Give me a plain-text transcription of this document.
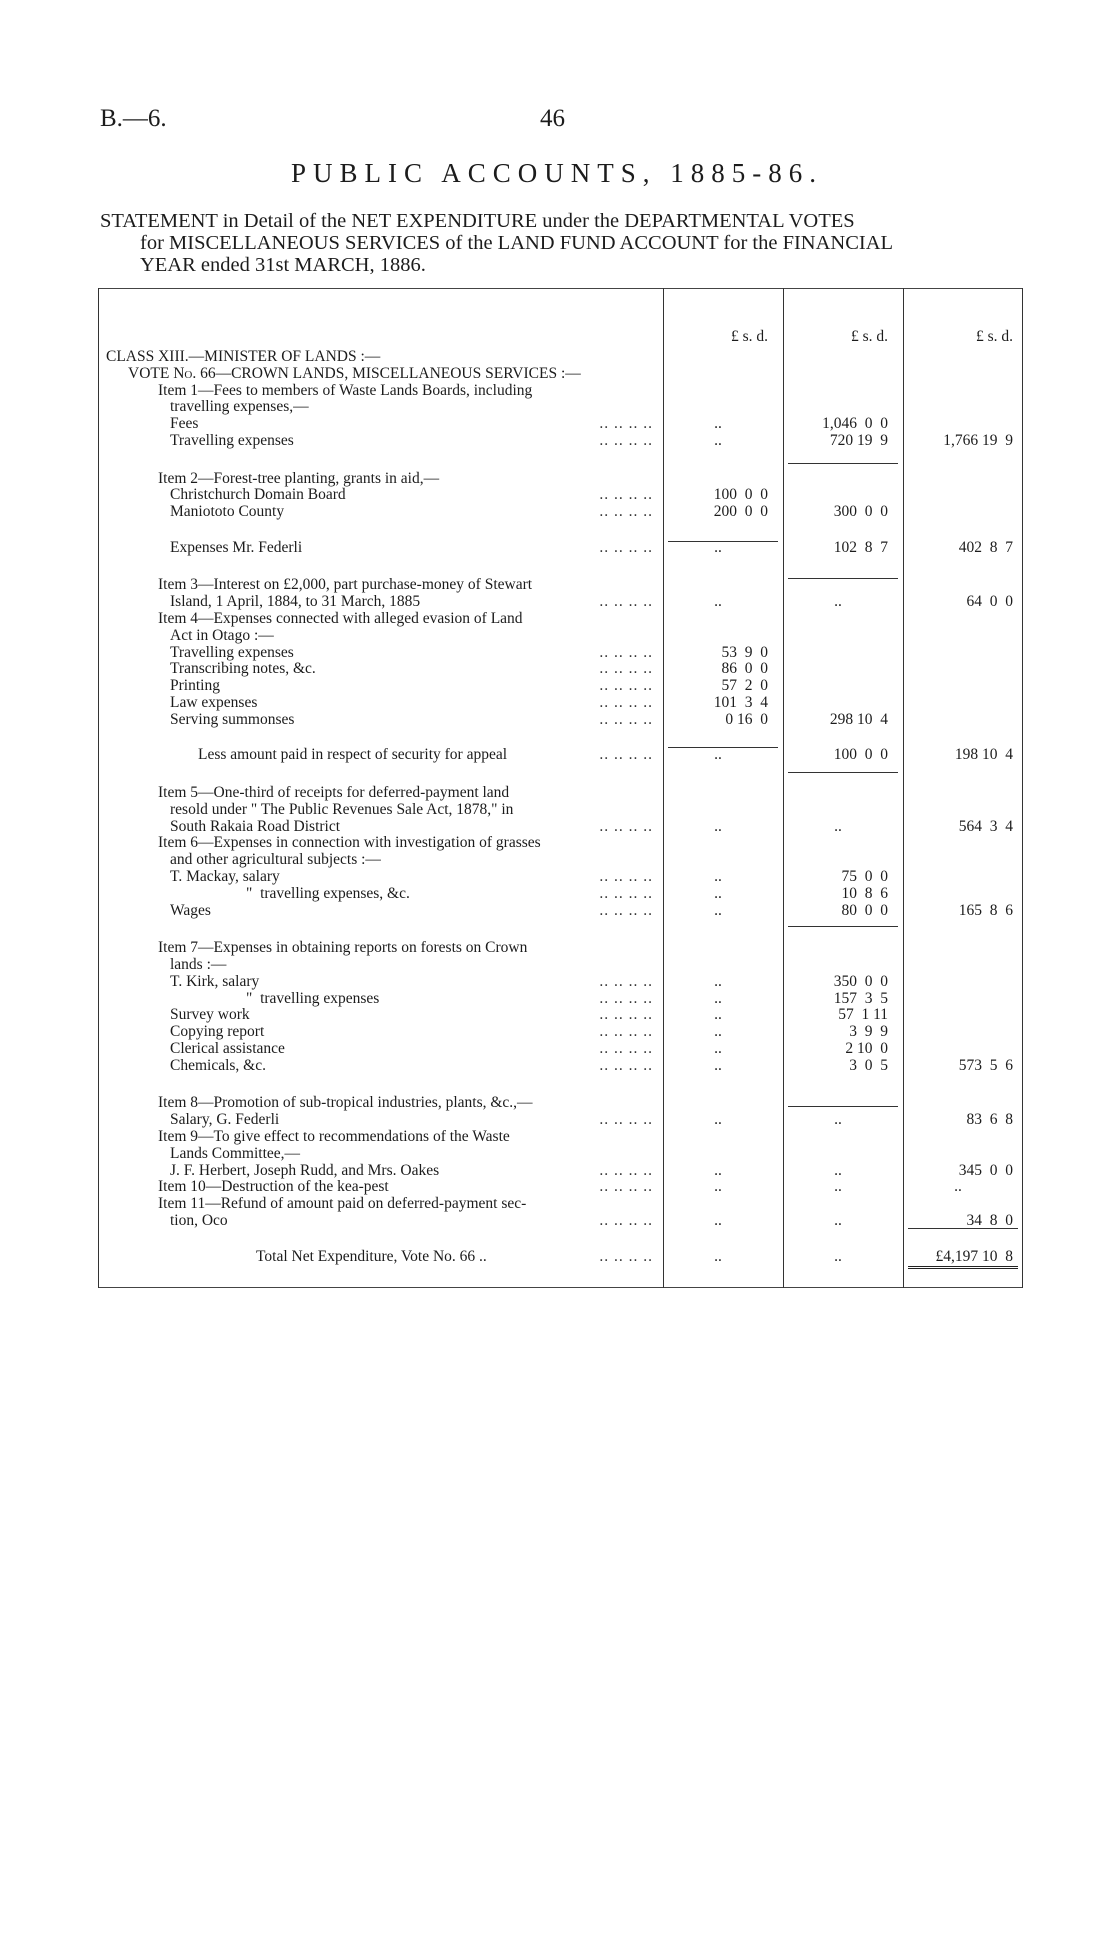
B.—6.	46
PUBLIC ACCOUNTS, 1885-86.
STATEMENT in Detail of the NET EXPENDITURE under the DEPARTMENTAL VOTES
for MISCELLANEOUS SERVICES of the LAND FUND ACCOUNT for the FINANCIAL
YEAR ended 31st MARCH, 1886.
£ s. d.	£ s. d.	£ s. d.
CLASS XIII.—MINISTER OF LANDS :—
VOTE No. 66—CROWN LANDS, MISCELLANEOUS SERVICES :—
Item 1—Fees to members of Waste Lands Boards, including
travelling expenses,—
Fees	.. .. .. ..	..	1,046  0  0
Travelling expenses	.. .. .. ..	..	720 19  9	1,766 19  9
Item 2—Forest-tree planting, grants in aid,—
Christchurch Domain Board	.. .. .. ..	100  0  0
Maniototo County	.. .. .. ..	200  0  0	300  0  0
Expenses Mr. Federli	.. .. .. ..	..	102  8  7	402  8  7
Item 3—Interest on £2,000, part purchase-money of Stewart
Island, 1 April, 1884, to 31 March, 1885	.. .. .. ..	..	..	64  0  0
Item 4—Expenses connected with alleged evasion of Land
Act in Otago :—
Travelling expenses	.. .. .. ..	53  9  0
Transcribing notes, &c.	.. .. .. ..	86  0  0
Printing	.. .. .. ..	57  2  0
Law expenses	.. .. .. ..	101  3  4
Serving summonses	.. .. .. ..	0 16  0	298 10  4
Less amount paid in respect of security for appeal	.. .. .. ..	..	100  0  0	198 10  4
Item 5—One-third of receipts for deferred-payment land
resold under " The Public Revenues Sale Act, 1878," in
South Rakaia Road District	.. .. .. ..	..	..	564  3  4
Item 6—Expenses in connection with investigation of grasses
and other agricultural subjects :—
T. Mackay, salary	.. .. .. ..	..	75  0  0
"  travelling expenses, &c.	.. .. .. ..	..	10  8  6
Wages	.. .. .. ..	..	80  0  0	165  8  6
Item 7—Expenses in obtaining reports on forests on Crown
lands :—
T. Kirk, salary	.. .. .. ..	..	350  0  0
"  travelling expenses	.. .. .. ..	..	157  3  5
Survey work	.. .. .. ..	..	57  1 11
Copying report	.. .. .. ..	..	3  9  9
Clerical assistance	.. .. .. ..	..	2 10  0
Chemicals, &c.	.. .. .. ..	..	3  0  5	573  5  6
Item 8—Promotion of sub-tropical industries, plants, &c.,—
Salary, G. Federli	.. .. .. ..	..	..	83  6  8
Item 9—To give effect to recommendations of the Waste
Lands Committee,—
J. F. Herbert, Joseph Rudd, and Mrs. Oakes	.. .. .. ..	..	..	345  0  0
Item 10—Destruction of the kea-pest	.. .. .. ..	..	..	..
Item 11—Refund of amount paid on deferred-payment sec-
tion, Oco	.. .. .. ..	..	..	34  8  0
Total Net Expenditure, Vote No. 66 ..	.. .. .. ..	..	..	£4,197 10  8
